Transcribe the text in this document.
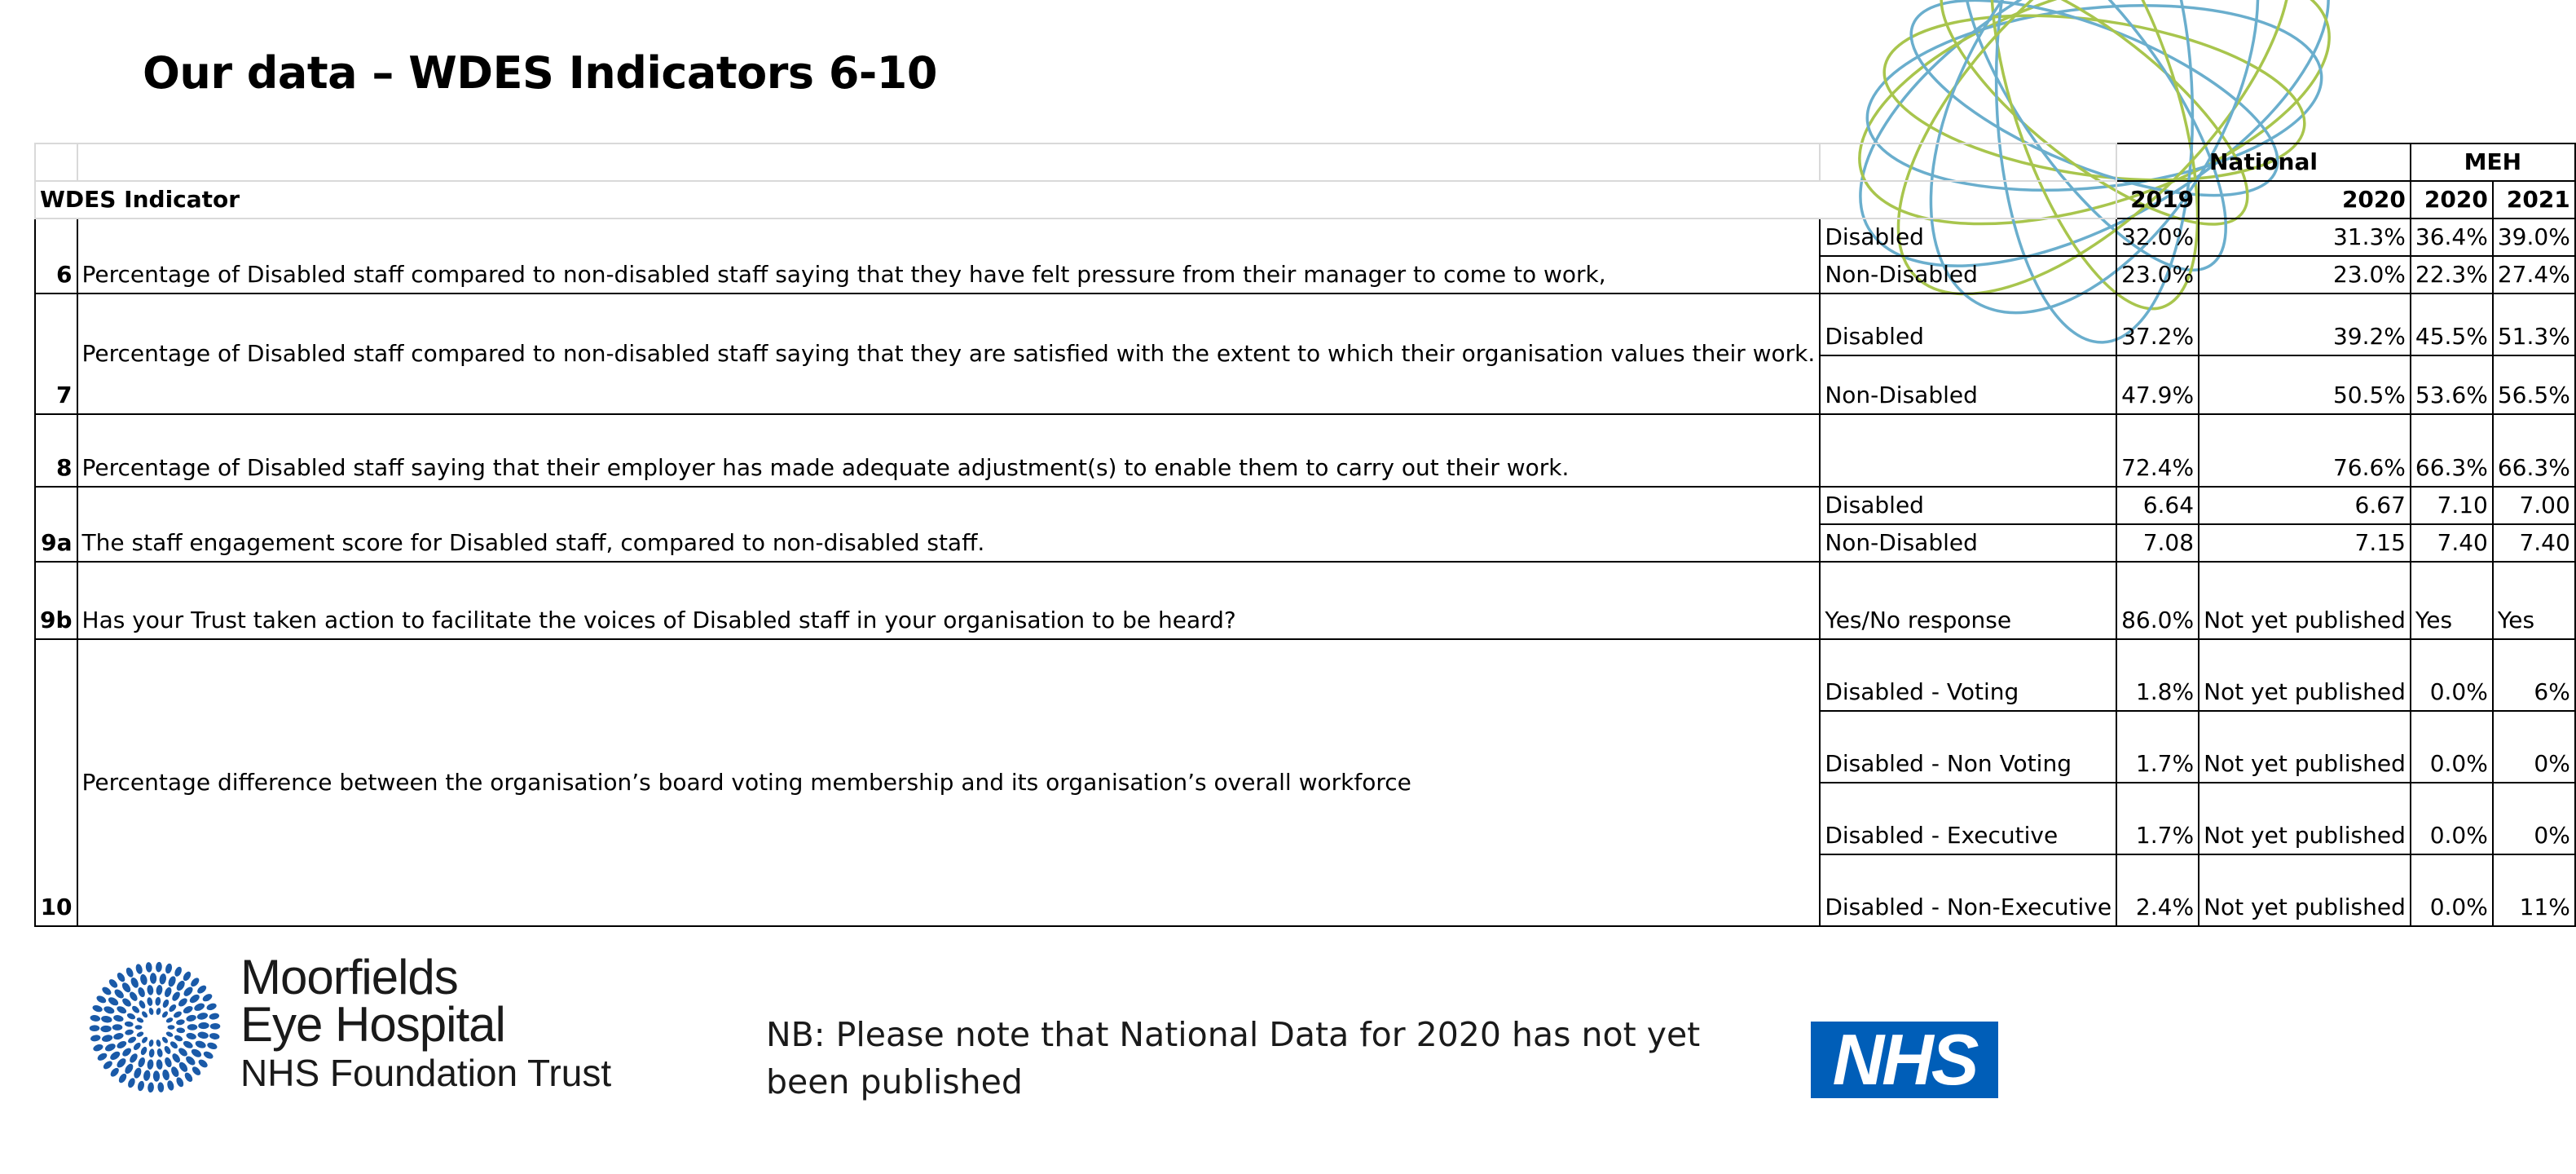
Our data – WDES Indicators 6-10
			National		MEH	
WDES Indicator			2019	2020	2020	2021
6	Percentage of Disabled staff compared to non-disabled staff saying that they have felt pressure from their manager to come to work,	Disabled	32.0%	31.3%	36.4%	39.0%
		Non-Disabled	23.0%	23.0%	22.3%	27.4%
7	Percentage of Disabled staff compared to non-disabled staff saying that they are satisfied with the extent to which their organisation values their work.	Disabled	37.2%	39.2%	45.5%	51.3%
		Non-Disabled	47.9%	50.5%	53.6%	56.5%
8	Percentage of Disabled staff saying that their employer has made adequate adjustment(s) to enable them to carry out their work.		72.4%	76.6%	66.3%	66.3%
9a	The staff engagement score for Disabled staff, compared to non-disabled staff.	Disabled	6.64	6.67	7.10	7.00
		Non-Disabled	7.08	7.15	7.40	7.40
9b	Has your Trust taken action to facilitate the voices of Disabled staff in your organisation to be heard?	Yes/No response	86.0%	Not yet published	Yes	Yes
10	Percentage difference between the organisation’s board voting membership and its organisation’s overall workforce	Disabled - Voting	1.8%	Not yet published	0.0%	6%
		Disabled - Non Voting	1.7%	Not yet published	0.0%	0%
		Disabled - Executive	1.7%	Not yet published	0.0%	0%
		Disabled - Non-Executive	2.4%	Not yet published	0.0%	11%
Moorfields
Eye Hospital
NHS Foundation Trust
NB: Please note that National Data for 2020 has not yet been published	NHS
